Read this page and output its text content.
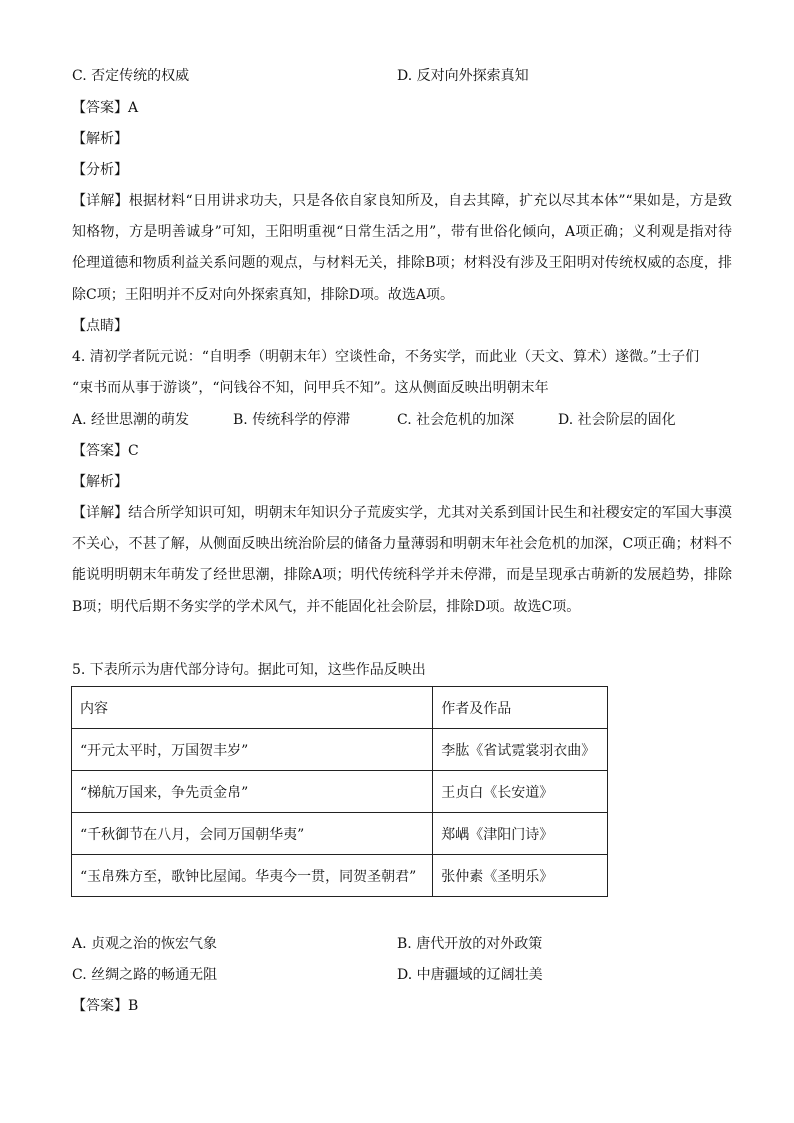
C. 否定传统的权威	D. 反对向外探索真知
【答案】A
【解析】
【分析】

【详解】根据材料“日用讲求功夫，只是各依自家良知所及，自去其障，扩充以尽其本体”“果如是，方是致知格物，方是明善诚身”可知，王阳明重视“日常生活之用”，带有世俗化倾向，A项正确；义利观是指对待伦理道德和物质利益关系问题的观点，与材料无关，排除B项；材料没有涉及王阳明对传统权威的态度，排除C项；王阳明并不反对向外探索真知，排除D项。故选A项。

【点睛】
4. 清初学者阮元说：“自明季（明朝末年）空谈性命，不务实学，而此业（天文、算术）遂微。”士子们
“束书而从事于游谈”，“问钱谷不知，问甲兵不知”。这从侧面反映出明朝末年
A. 经世思潮的萌发	B. 传统科学的停滞	C. 社会危机的加深	D. 社会阶层的固化
【答案】C
【解析】

【详解】结合所学知识可知，明朝末年知识分子荒废实学，尤其对关系到国计民生和社稷安定的军国大事漠不关心，不甚了解，从侧面反映出统治阶层的储备力量薄弱和明朝末年社会危机的加深，C项正确；材料不能说明明朝末年萌发了经世思潮，排除A项；明代传统科学并未停滞，而是呈现承古萌新的发展趋势，排除B项；明代后期不务实学的学术风气，并不能固化社会阶层，排除D项。故选C项。

5. 下表所示为唐代部分诗句。据此可知，这些作品反映出
内容	作者及作品
“开元太平时，万国贺丰岁”	李肱《省试霓裳羽衣曲》
“梯航万国来，争先贡金帛”	王贞白《长安道》
“千秋御节在八月，会同万国朝华夷”	郑嵎《津阳门诗》
“玉帛殊方至，歌钟比屋闻。华夷今一贯，同贺圣朝君”	张仲素《圣明乐》
A. 贞观之治的恢宏气象	B. 唐代开放的对外政策
C. 丝绸之路的畅通无阻	D. 中唐疆域的辽阔壮美
【答案】B
